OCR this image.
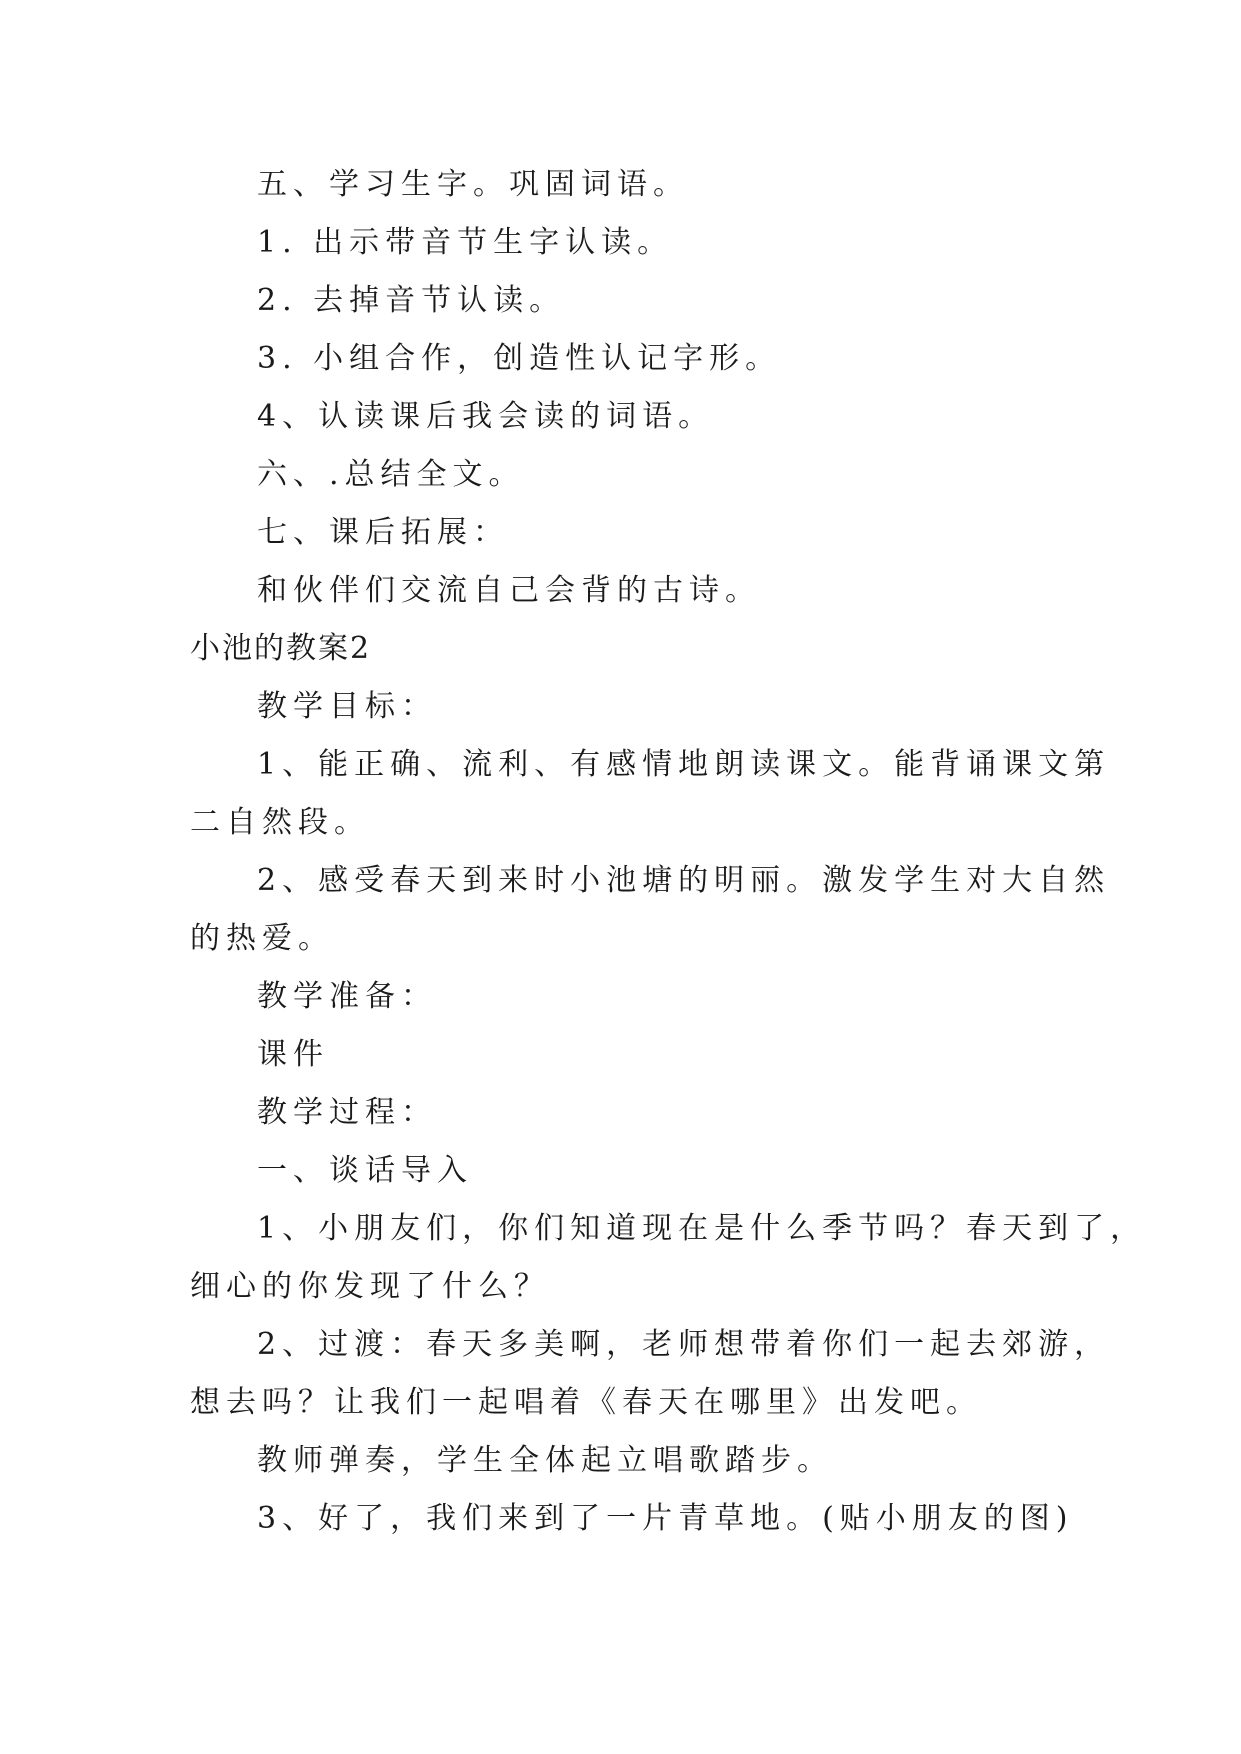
五、学习生字。巩固词语。
1. 出示带音节生字认读。
2. 去掉音节认读。
3. 小组合作，创造性认记字形。
4、认读课后我会读的词语。
六、.总结全文。
七、课后拓展：
和伙伴们交流自己会背的古诗。
小池的教案2
教学目标：
1、能正确、流利、有感情地朗读课文。能背诵课文第
二自然段。
2、感受春天到来时小池塘的明丽。激发学生对大自然
的热爱。
教学准备：
课件
教学过程：
一、谈话导入
1、小朋友们，你们知道现在是什么季节吗？春天到了，
细心的你发现了什么？
2、过渡：春天多美啊，老师想带着你们一起去郊游，
想去吗？让我们一起唱着《春天在哪里》出发吧。
教师弹奏，学生全体起立唱歌踏步。
3、好了，我们来到了一片青草地。(贴小朋友的图)
